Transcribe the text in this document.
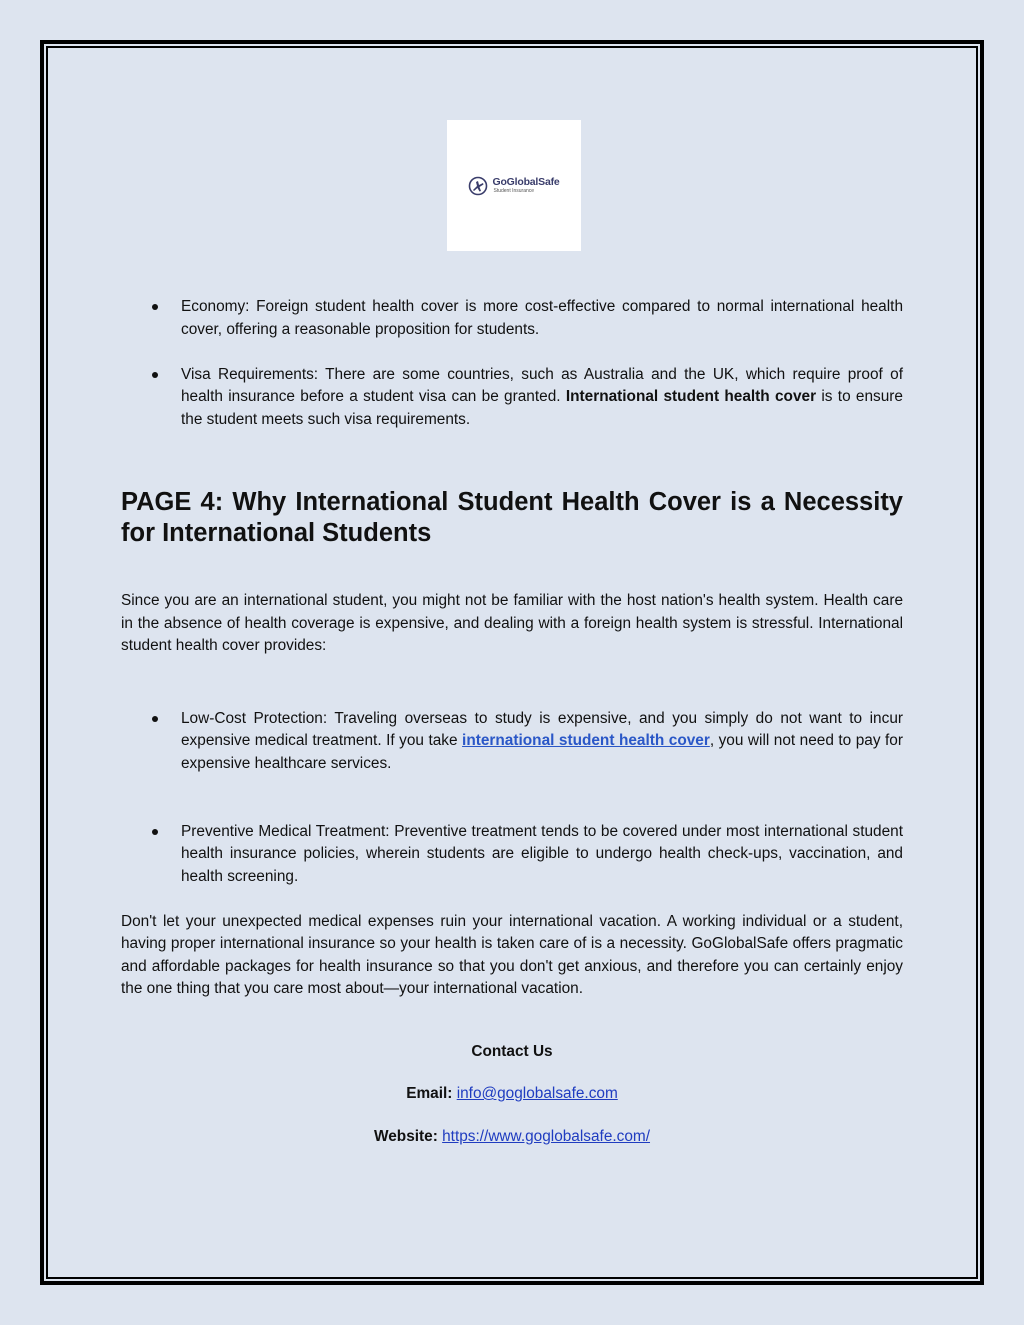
GoGlobalSafe
Student Insurance
Economy: Foreign student health cover is more cost-effective compared to normal international health cover, offering a reasonable proposition for students.
Visa Requirements: There are some countries, such as Australia and the UK, which require proof of health insurance before a student visa can be granted. International student health cover is to ensure the student meets such visa requirements.
PAGE 4: Why International Student Health Cover is a Necessity for International Students

Since you are an international student, you might not be familiar with the host nation's health system. Health care in the absence of health coverage is expensive, and dealing with a foreign health system is stressful. International student health cover provides:

Low-Cost Protection: Traveling overseas to study is expensive, and you simply do not want to incur expensive medical treatment. If you take international student health cover, you will not need to pay for expensive healthcare services.
Preventive Medical Treatment: Preventive treatment tends to be covered under most international student health insurance policies, wherein students are eligible to undergo health check-ups, vaccination, and health screening.

Don't let your unexpected medical expenses ruin your international vacation. A working individual or a student, having proper international insurance so your health is taken care of is a necessity. GoGlobalSafe offers pragmatic and affordable packages for health insurance so that you don't get anxious, and therefore you can certainly enjoy the one thing that you care most about—your international vacation.

Contact Us

Email: info@goglobalsafe.com

Website: https://www.goglobalsafe.com/
